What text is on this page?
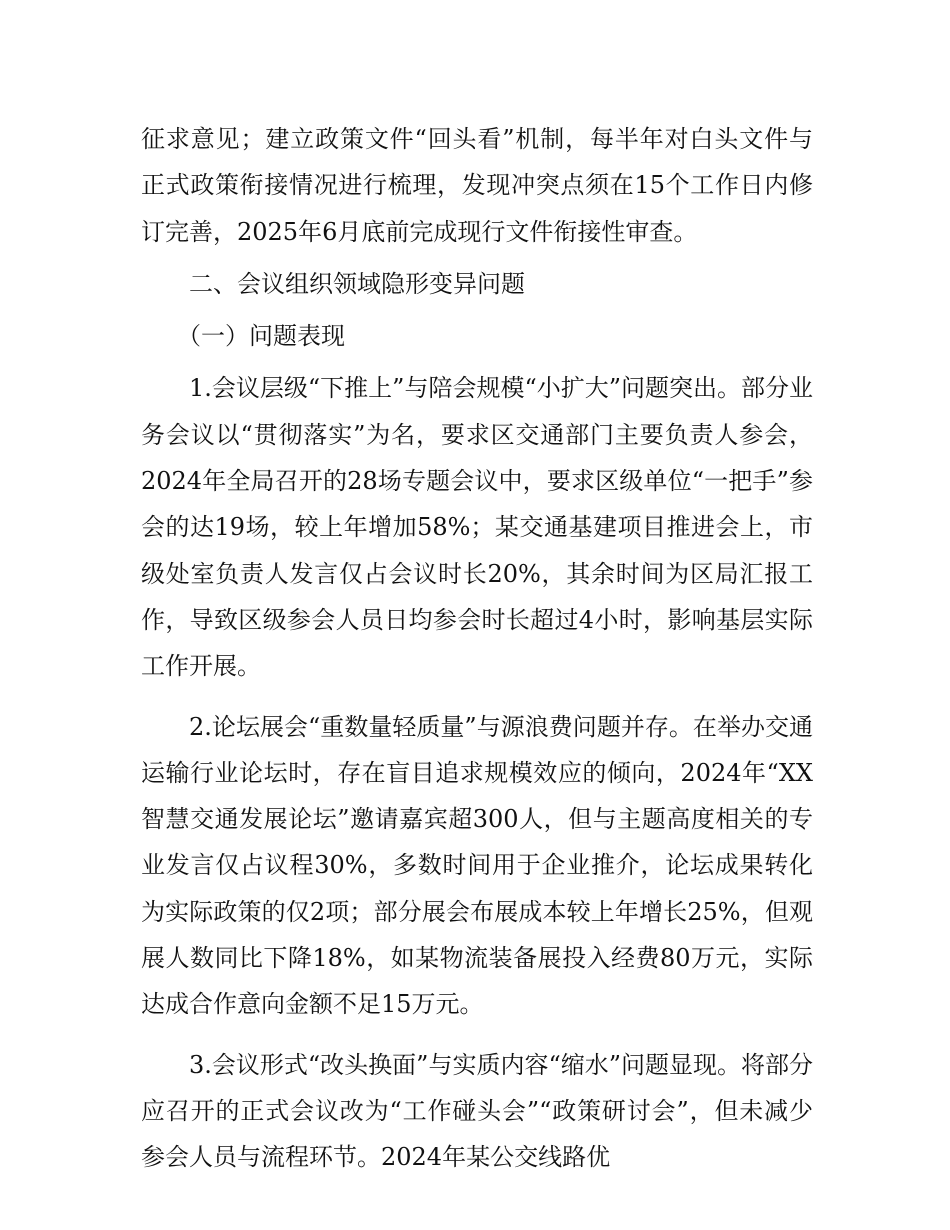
征求意见；建立政策文件“回头看”机制，每半年对白头文件与正式政策衔接情况进行梳理，发现冲突点须在15个工作日内修订完善，2025年6月底前完成现行文件衔接性审查。

二、会议组织领域隐形变异问题

（一）问题表现

1.会议层级“下推上”与陪会规模“小扩大”问题突出。部分业务会议以“贯彻落实”为名，要求区交通部门主要负责人参会，2024年全局召开的28场专题会议中，要求区级单位“一把手”参会的达19场，较上年增加58%；某交通基建项目推进会上，市级处室负责人发言仅占会议时长20%，其余时间为区局汇报工作，导致区级参会人员日均参会时长超过4小时，影响基层实际工作开展。

2.论坛展会“重数量轻质量”与源浪费问题并存。在举办交通运输行业论坛时，存在盲目追求规模效应的倾向，2024年“XX智慧交通发展论坛”邀请嘉宾超300人，但与主题高度相关的专业发言仅占议程30%，多数时间用于企业推介，论坛成果转化为实际政策的仅2项；部分展会布展成本较上年增长25%，但观展人数同比下降18%，如某物流装备展投入经费80万元，实际达成合作意向金额不足15万元。

3.会议形式“改头换面”与实质内容“缩水”问题显现。将部分应召开的正式会议改为“工作碰头会”“政策研讨会”，但未减少参会人员与流程环节。2024年某公交线路优
